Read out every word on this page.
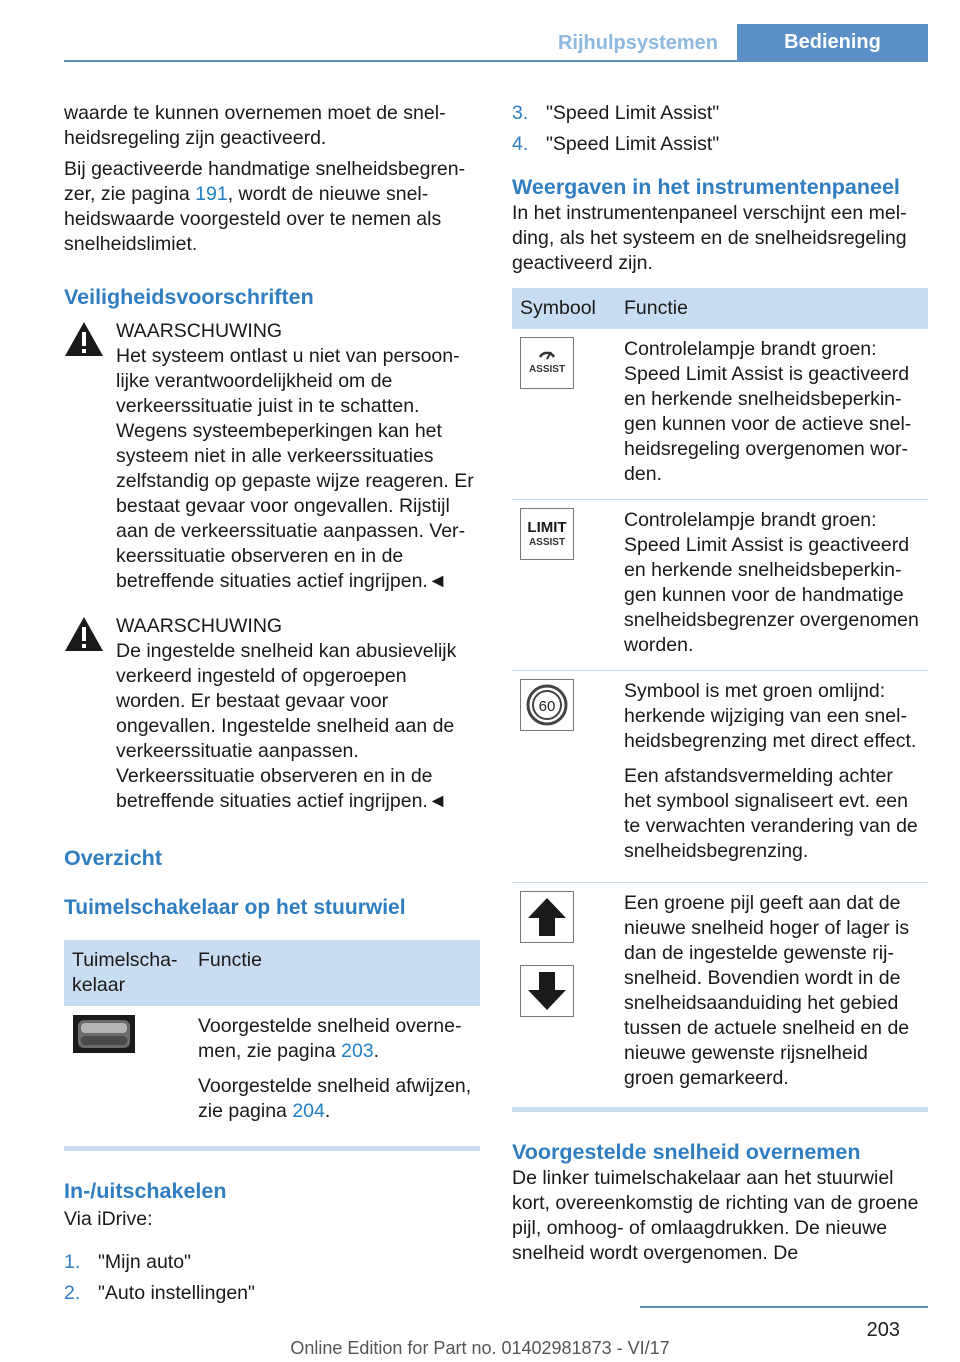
Rijhulpsystemen	Bediening

waarde te kunnen overnemen moet de snelheidsregeling zijn geactiveerd.

Bij geactiveerde handmatige snelheidsbegrenzer, zie pagina 191, wordt de nieuwe snelheidswaarde voorgesteld over te nemen als snelheidslimiet.

Veiligheidsvoorschriften
WAARSCHUWING
Het systeem ontlast u niet van persoonlijke verantwoordelijkheid om de verkeerssituatie juist in te schatten. Wegens systeembeperkingen kan het systeem niet in alle verkeerssituaties zelfstandig op gepaste wijze reageren. Er bestaat gevaar voor ongevallen. Rijstijl aan de verkeerssituatie aanpassen. Verkeerssituatie observeren en in de betreffende situaties actief ingrijpen.◄
WAARSCHUWING
De ingestelde snelheid kan abusievelijk verkeerd ingesteld of opgeroepen worden. Er bestaat gevaar voor ongevallen. Ingestelde snelheid aan de verkeerssituatie aanpassen. Verkeerssituatie observeren en in de betreffende situaties actief ingrijpen.◄
Overzicht
Tuimelschakelaar op het stuurwiel
Tuimelschakelaar	Functie

Voorgestelde snelheid overnemen, zie pagina 203.

Voorgestelde snelheid afwijzen, zie pagina 204.

In-/uitschakelen

Via iDrive:

1. "Mijn auto"
2. "Auto instellingen"
3. "Speed Limit Assist"
4. "Speed Limit Assist"
Weergaven in het instrumentenpaneel

In het instrumentenpaneel verschijnt een melding, als het systeem en de snelheidsregeling geactiveerd zijn.

Symbool	Functie

ASSIST	Controlelampje brandt groen: Speed Limit Assist is geactiveerd en herkende snelheidsbeperkingen kunnen voor de actieve snelheidsregeling overgenomen worden.

LIMIT
ASSIST	Controlelampje brandt groen: Speed Limit Assist is geactiveerd en herkende snelheidsbeperkingen kunnen voor de handmatige snelheidsbegrenzer overgenomen worden.

60	Symbool is met groen omlijnd: herkende wijziging van een snelheidsbegrenzing met direct effect.

Een afstandsvermelding achter het symbool signaliseert evt. een te verwachten verandering van de snelheidsbegrenzing.

	Een groene pijl geeft aan dat de nieuwe snelheid hoger of lager is dan de ingestelde gewenste rijsnelheid. Bovendien wordt in de snelheidsaanduiding het gebied tussen de actuele snelheid en de nieuwe gewenste rijsnelheid groen gemarkeerd.
Voorgestelde snelheid overnemen

De linker tuimelschakelaar aan het stuurwiel kort, overeenkomstig de richting van de groene pijl, omhoog- of omlaagdrukken. De nieuwe snelheid wordt overgenomen. De

203
Online Edition for Part no. 01402981873 - VI/17
